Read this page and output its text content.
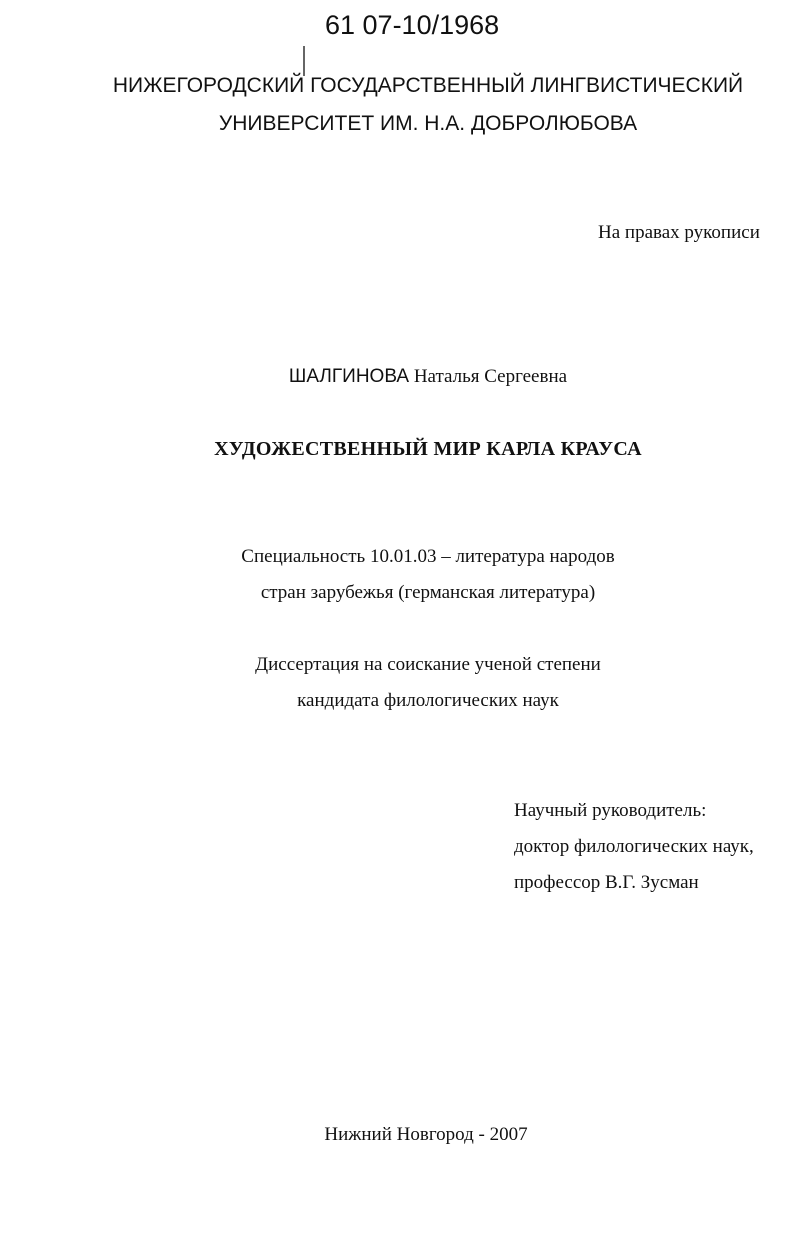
61 07-10/1968
НИЖЕГОРОДСКИЙ ГОСУДАРСТВЕННЫЙ ЛИНГВИСТИЧЕСКИЙ
УНИВЕРСИТЕТ ИМ. Н.А. ДОБРОЛЮБОВА
На правах рукописи
ШАЛГИНОВА Наталья Сергеевна
ХУДОЖЕСТВЕННЫЙ МИР КАРЛА КРАУСА
Специальность 10.01.03 – литература народов
стран зарубежья (германская литература)
Диссертация на соискание ученой степени
кандидата филологических наук
Научный руководитель:
доктор филологических наук,
профессор В.Г. Зусман
Нижний Новгород - 2007
